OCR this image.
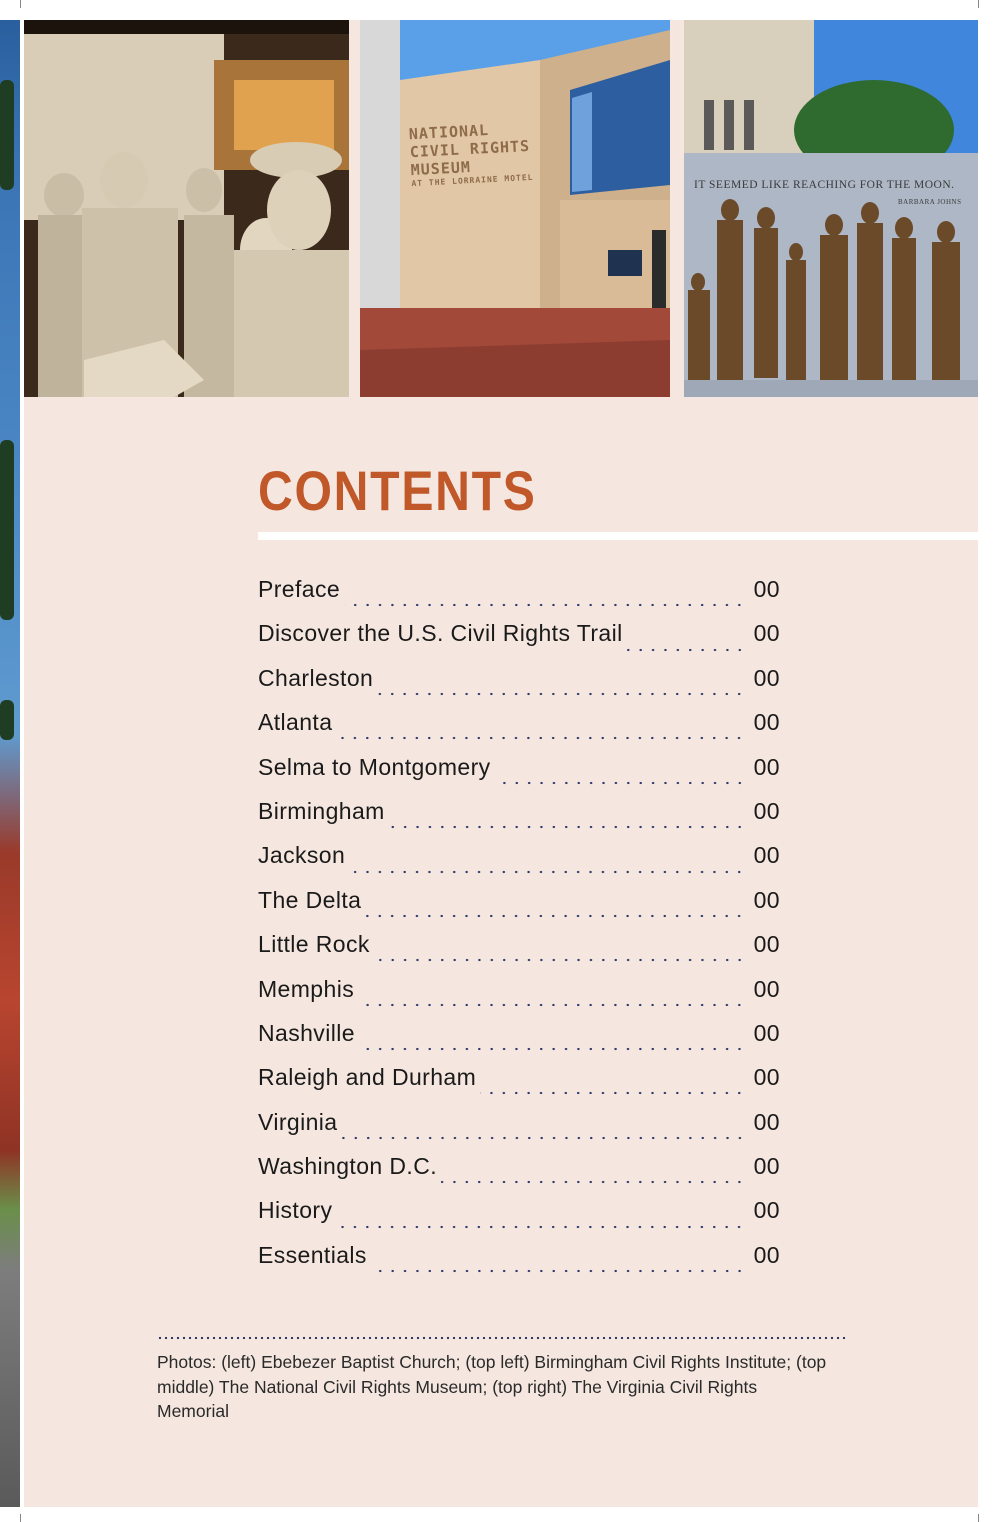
NATIONAL
CIVIL RIGHTS
MUSEUM
AT THE LORRAINE MOTEL	IT SEEMED LIKE REACHING FOR THE MOON.
BARBARA JOHNS
CONTENTS
Preface	00
Discover the U.S. Civil Rights Trail	00
Charleston	00
Atlanta	00
Selma to Montgomery	00
Birmingham	00
Jackson	00
The Delta	00
Little Rock	00
Memphis	00
Nashville	00
Raleigh and Durham	00
Virginia	00
Washington D.C.	00
History	00
Essentials	00
Photos: (left) Ebebezer Baptist Church; (top left) Birmingham Civil Rights Institute; (top middle) The National Civil Rights Museum; (top right) The Virginia Civil Rights Memorial
